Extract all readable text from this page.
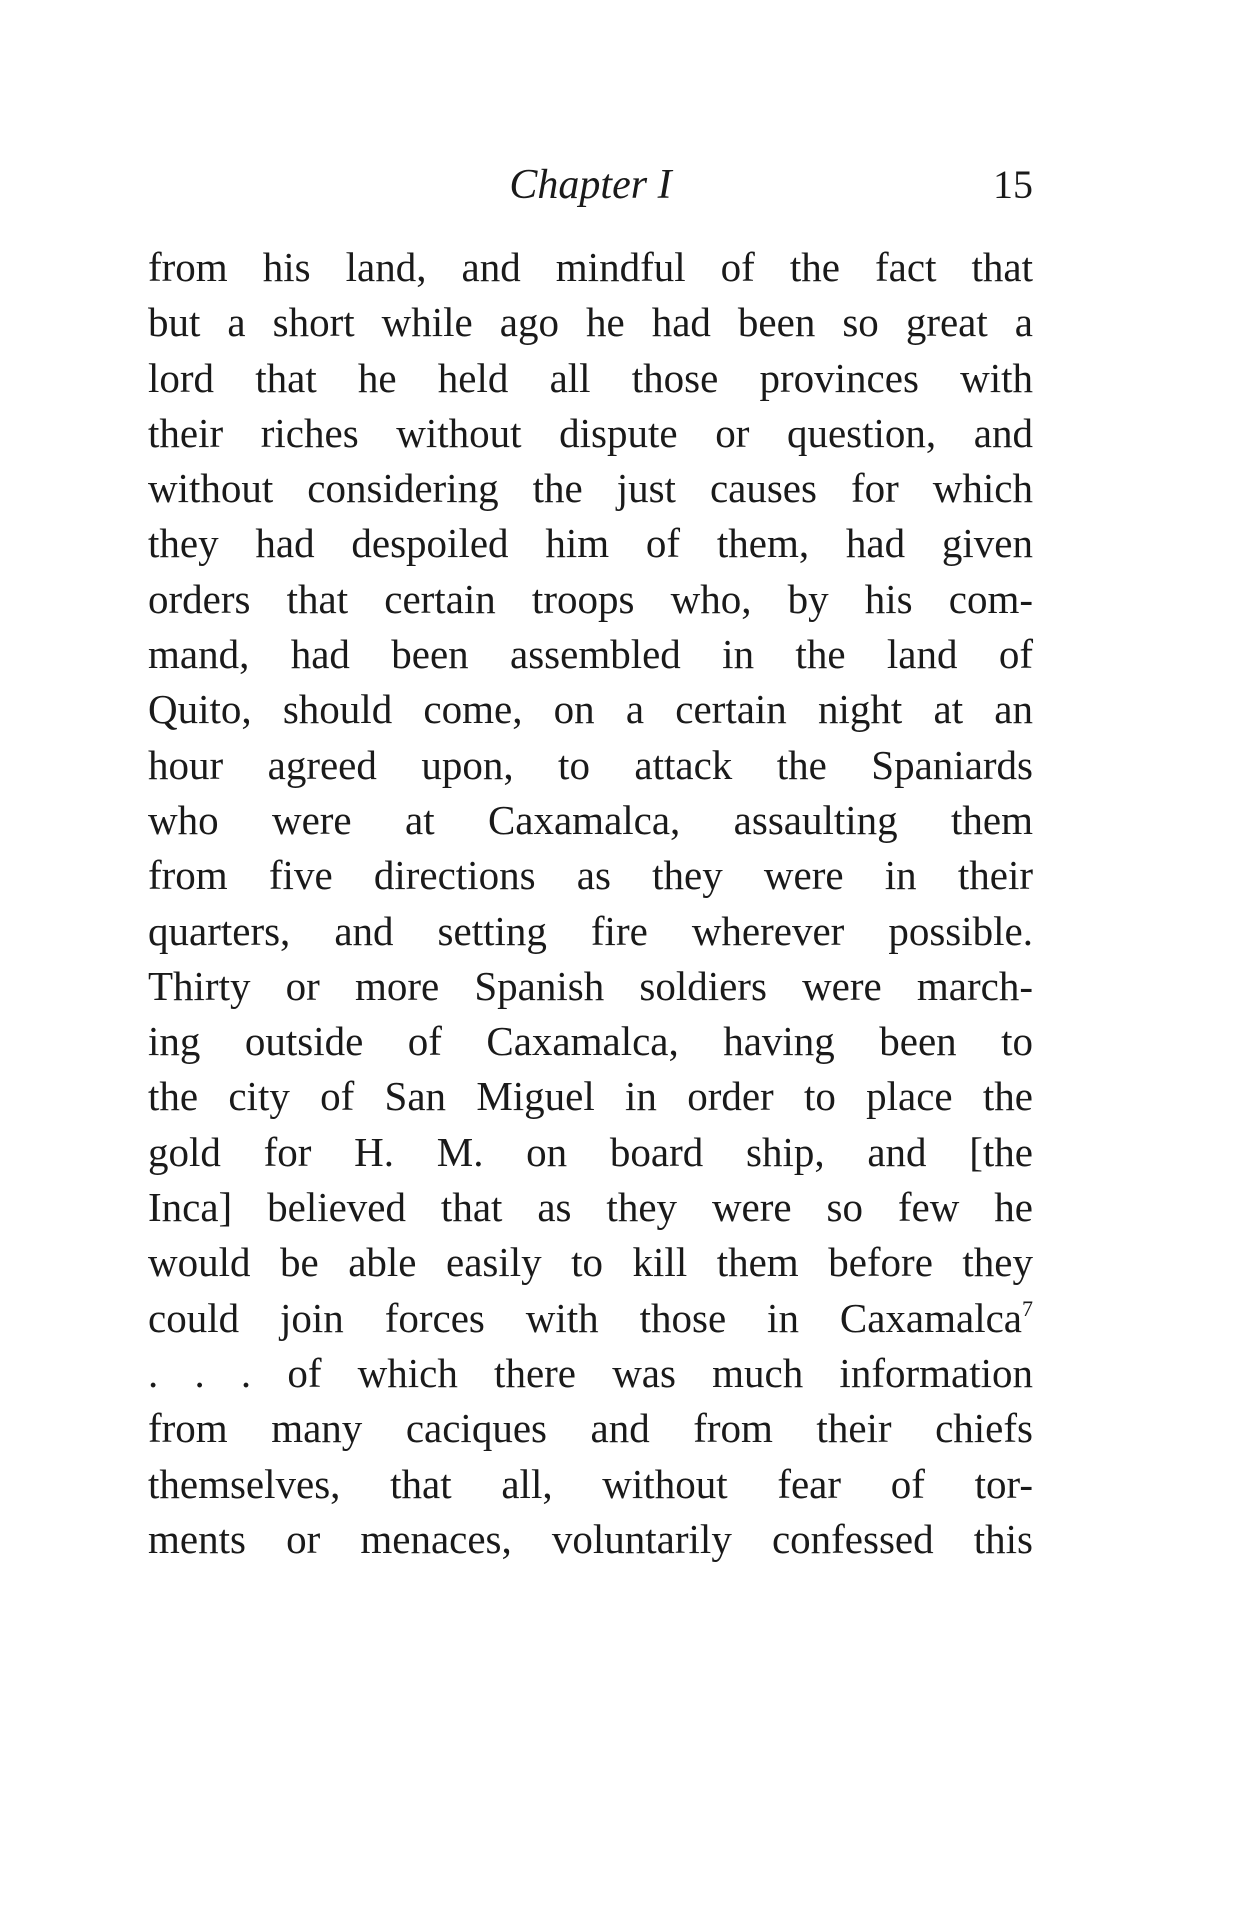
Chapter I	15
from his land, and mindful of the fact that
but a short while ago he had been so great a
lord that he held all those provinces with
their riches without dispute or question, and
without considering the just causes for which
they had despoiled him of them, had given
orders that certain troops who, by his com-
mand, had been assembled in the land of
Quito, should come, on a certain night at an
hour agreed upon, to attack the Spaniards
who were at Caxamalca, assaulting them
from five directions as they were in their
quarters, and setting fire wherever possible.
Thirty or more Spanish soldiers were march-
ing outside of Caxamalca, having been to
the city of San Miguel in order to place the
gold for H. M. on board ship, and [the
Inca] believed that as they were so few he
would be able easily to kill them before they
could join forces with those in Caxamalca$^7$
. . . of which there was much information
from many caciques and from their chiefs
themselves, that all, without fear of tor-
ments or menaces, voluntarily confessed this
